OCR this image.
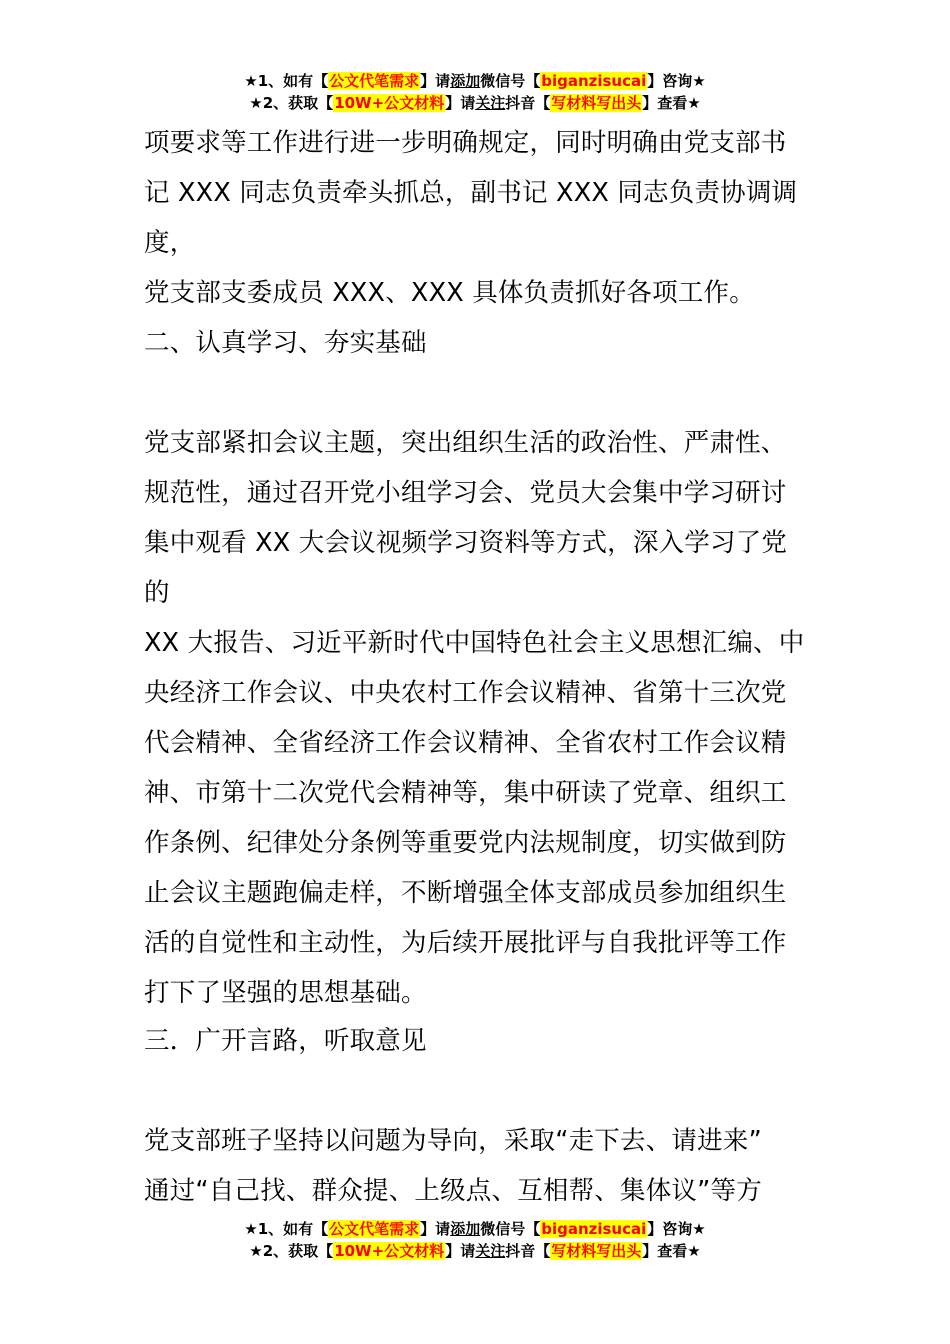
★1、如有【公文代笔需求】请添加微信号【biganzisucai】咨询★
★2、获取【10W+公文材料】请关注抖音【写材料写出头】查看★

项要求等工作进行进一步明确规定，同时明确由党支部书
记 XXX 同志负责牵头抓总，副书记 XXX 同志负责协调调度，
党支部支委成员 XXX、XXX 具体负责抓好各项工作。

二、认真学习、夯实基础

党支部紧扣会议主题，突出组织生活的政治性、严肃性、
规范性，通过召开党小组学习会、党员大会集中学习研讨
集中观看 XX 大会议视频学习资料等方式，深入学习了党的
XX 大报告、习近平新时代中国特色社会主义思想汇编、中
央经济工作会议、中央农村工作会议精神、省第十三次党
代会精神、全省经济工作会议精神、全省农村工作会议精
神、市第十二次党代会精神等，集中研读了党章、组织工
作条例、纪律处分条例等重要党内法规制度，切实做到防
止会议主题跑偏走样，不断增强全体支部成员参加组织生
活的自觉性和主动性，为后续开展批评与自我批评等工作
打下了坚强的思想基础。

三．广开言路，听取意见

党支部班子坚持以问题为导向，采取“走下去、请进来”
通过“自己找、群众提、上级点、互相帮、集体议”等方

★1、如有【公文代笔需求】请添加微信号【biganzisucai】咨询★
★2、获取【10W+公文材料】请关注抖音【写材料写出头】查看★
